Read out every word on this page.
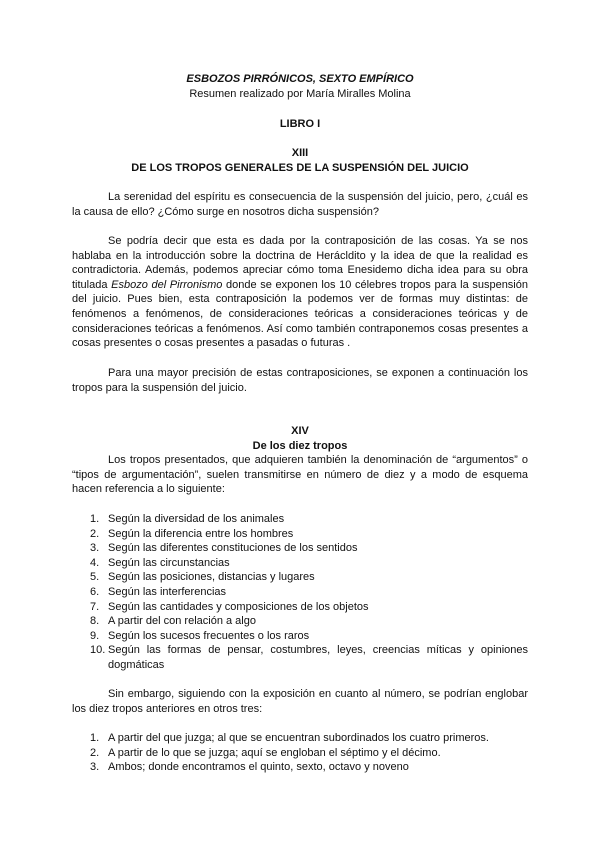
ESBOZOS PIRRÓNICOS, SEXTO EMPÍRICO
Resumen realizado por María Miralles Molina
LIBRO I
XIII
DE LOS TROPOS GENERALES DE LA SUSPENSIÓN DEL JUICIO

La serenidad del espíritu es consecuencia de la suspensión del juicio, pero, ¿cuál es la causa de ello? ¿Cómo surge en nosotros dicha suspensión?

Se podría decir que esta es dada por la contraposición de las cosas. Ya se nos hablaba en la introducción sobre la doctrina de Herácldito y la idea de que la realidad es contradictoria. Además, podemos apreciar cómo toma Enesidemo dicha idea para su obra titulada Esbozo del Pirronismo donde se exponen los 10 célebres tropos para la suspensión del juicio. Pues bien, esta contraposición la podemos ver de formas muy distintas: de fenómenos a fenómenos, de consideraciones teóricas a consideraciones teóricas y de consideraciones teóricas a fenómenos. Así como también contraponemos cosas presentes a cosas presentes o cosas presentes a pasadas o futuras .

Para una mayor precisión de estas contraposiciones, se exponen a continuación los tropos para la suspensión del juicio.

XIV
De los diez tropos

Los tropos presentados, que adquieren también la denominación de “argumentos” o “tipos de argumentación”, suelen transmitirse en número de diez y a modo de esquema hacen referencia a lo siguiente:

1. Según la diversidad de los animales
2. Según la diferencia entre los hombres
3. Según las diferentes constituciones de los sentidos
4. Según las circunstancias
5. Según las posiciones, distancias y lugares
6. Según las interferencias
7. Según las cantidades y composiciones de los objetos
8. A partir del con relación a algo
9. Según los sucesos frecuentes o los raros
10. Según las formas de pensar, costumbres, leyes, creencias míticas y opiniones dogmáticas

Sin embargo, siguiendo con la exposición en cuanto al número, se podrían englobar los diez tropos anteriores en otros tres:

1. A partir del que juzga; al que se encuentran subordinados los cuatro primeros.
2. A partir de lo que se juzga; aquí se engloban el séptimo y el décimo.
3. Ambos; donde encontramos el quinto, sexto, octavo y noveno
